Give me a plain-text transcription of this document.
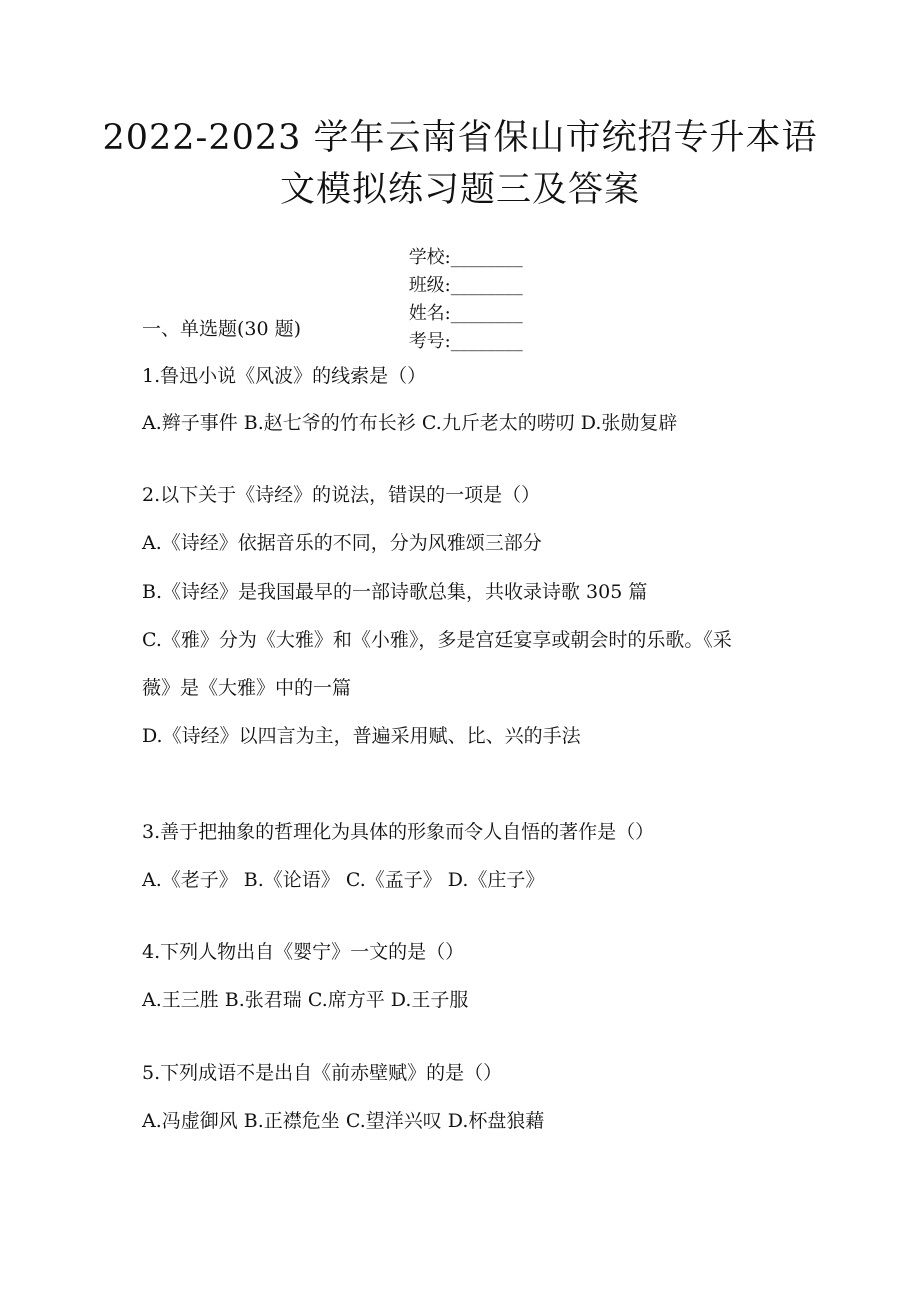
2022-2023 学年云南省保山市统招专升本语
文模拟练习题三及答案

学校:________
班级:________
姓名:________
考号:________

一、单选题(30 题)
1.鲁迅小说《风波》的线索是（）
A.辫子事件 B.赵七爷的竹布长衫 C.九斤老太的唠叨 D.张勋复辟
2.以下关于《诗经》的说法，错误的一项是（）
A.《诗经》依据音乐的不同，分为风雅颂三部分
B.《诗经》是我国最早的一部诗歌总集，共收录诗歌 305 篇
C.《雅》分为《大雅》和《小雅》，多是宫廷宴享或朝会时的乐歌。《采
薇》是《大雅》中的一篇
D.《诗经》以四言为主，普遍采用赋、比、兴的手法
3.善于把抽象的哲理化为具体的形象而令人自悟的著作是（）
A.《老子》 B.《论语》 C.《孟子》 D.《庄子》
4.下列人物出自《婴宁》一文的是（）
A.王三胜 B.张君瑞 C.席方平 D.王子服
5.下列成语不是出自《前赤壁赋》的是（）
A.冯虚御风 B.正襟危坐 C.望洋兴叹 D.杯盘狼藉
